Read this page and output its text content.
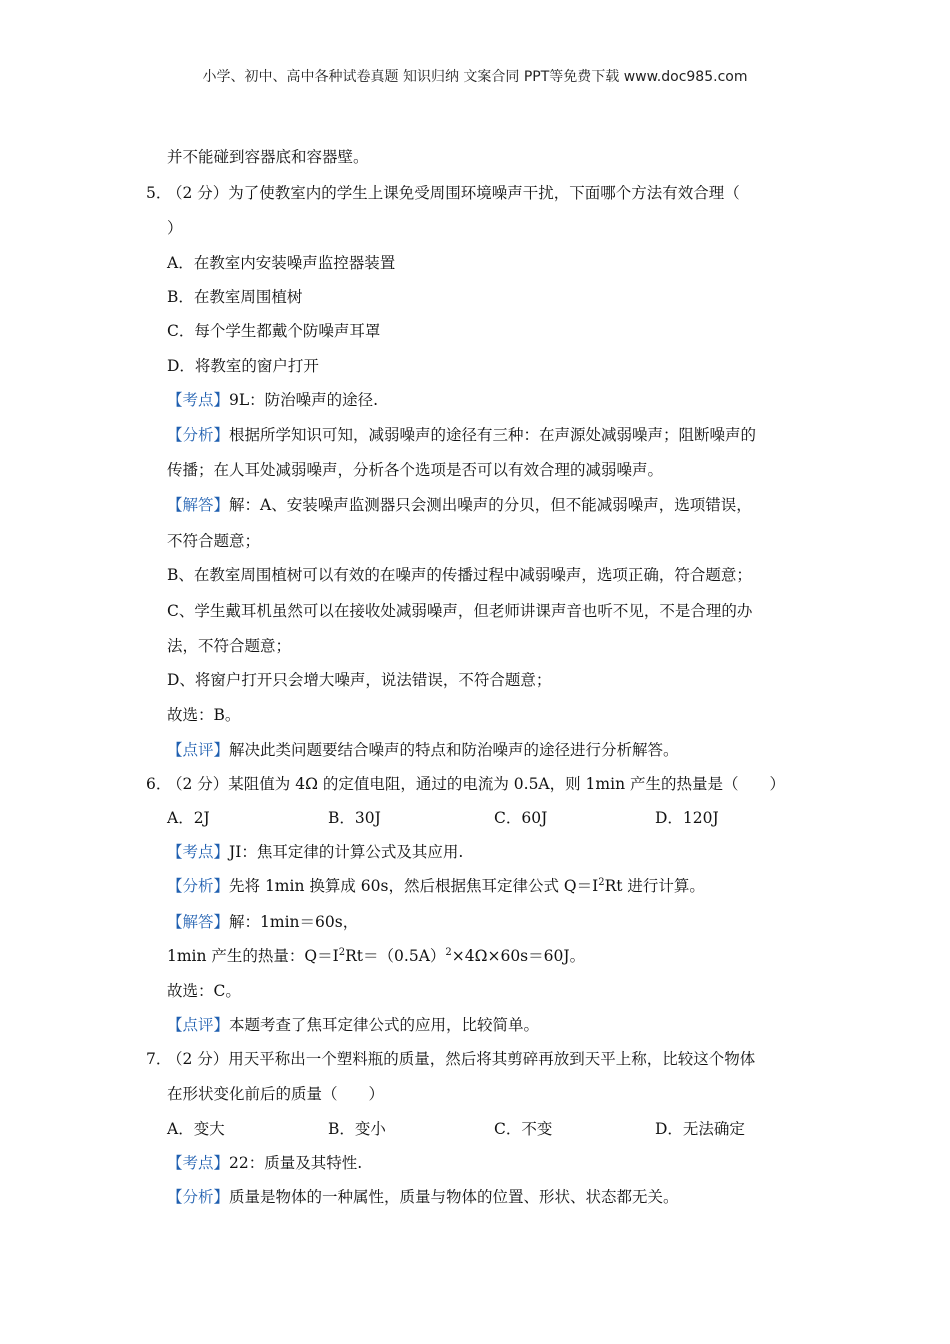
小学、初中、高中各种试卷真题 知识归纳 文案合同 PPT等免费下载 www.doc985.com
并不能碰到容器底和容器壁。
5．
（2 分）为了使教室内的学生上课免受周围环境噪声干扰，下面哪个方法有效合理（
）
A．在教室内安装噪声监控器装置
B．在教室周围植树
C．每个学生都戴个防噪声耳罩
D．将教室的窗户打开
【考点】9L：防治噪声的途径.
【分析】根据所学知识可知，减弱噪声的途径有三种：在声源处减弱噪声；阻断噪声的
传播；在人耳处减弱噪声，分析各个选项是否可以有效合理的减弱噪声。
【解答】解：A、安装噪声监测器只会测出噪声的分贝，但不能减弱噪声，选项错误，
不符合题意；
B、在教室周围植树可以有效的在噪声的传播过程中减弱噪声，选项正确，符合题意；
C、学生戴耳机虽然可以在接收处减弱噪声，但老师讲课声音也听不见，不是合理的办
法，不符合题意；
D、将窗户打开只会增大噪声，说法错误，不符合题意；
故选：B。
【点评】解决此类问题要结合噪声的特点和防治噪声的途径进行分析解答。
6．
（2 分）某阻值为 4Ω 的定值电阻，通过的电流为 0.5A，则 1min 产生的热量是（　　）
A．2J	B．30J	C．60J	D．120J
【考点】JI：焦耳定律的计算公式及其应用.
【分析】先将 1min 换算成 60s，然后根据焦耳定律公式 $Q=I^2Rt$ 进行计算。
【解答】解：1min＝60s，
1min 产生的热量：$Q=I^2Rt=(0.5A)^2\times 4\Omega\times 60s=60J$。
故选：C。
【点评】本题考查了焦耳定律公式的应用，比较简单。
7．
（2 分）用天平称出一个塑料瓶的质量，然后将其剪碎再放到天平上称，比较这个物体
在形状变化前后的质量（　　）
A．变大	B．变小	C．不变	D．无法确定
【考点】22：质量及其特性.
【分析】质量是物体的一种属性，质量与物体的位置、形状、状态都无关。
